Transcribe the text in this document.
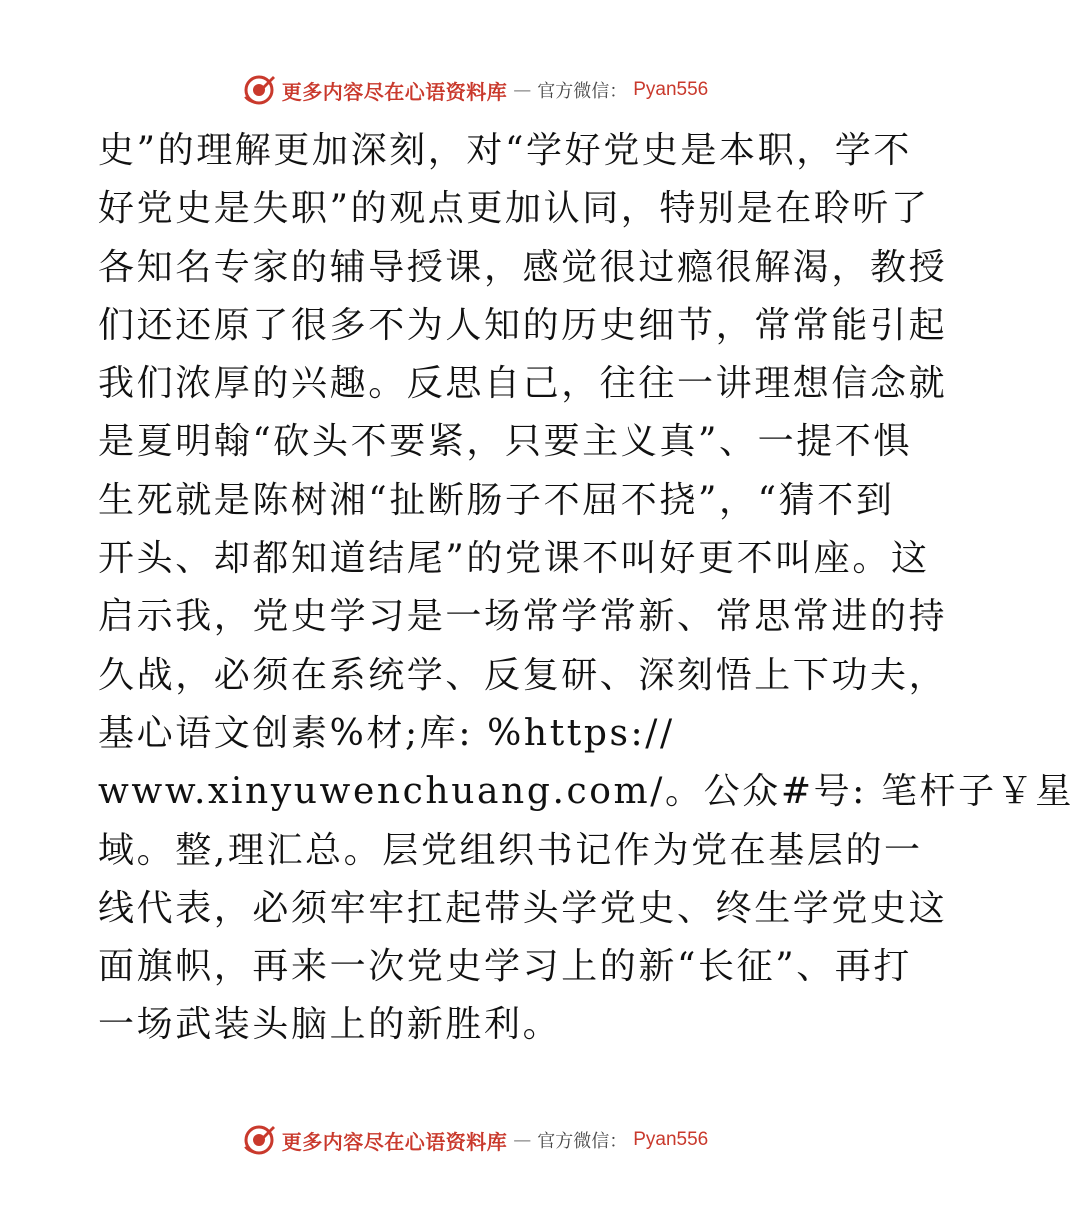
更多内容尽在心语资料库 — 官方微信： Pyan556
史”的理解更加深刻，对“学好党史是本职，学不
好党史是失职”的观点更加认同，特别是在聆听了
各知名专家的辅导授课，感觉很过瘾很解渴，教授
们还还原了很多不为人知的历史细节，常常能引起
我们浓厚的兴趣。反思自己，往往一讲理想信念就
是夏明翰“砍头不要紧，只要主义真”、一提不惧
生死就是陈树湘“扯断肠子不屈不挠”，“猜不到
开头、却都知道结尾”的党课不叫好更不叫座。这
启示我，党史学习是一场常学常新、常思常进的持
久战，必须在系统学、反复研、深刻悟上下功夫，
基心语文创素%材;库: %https://
www.xinyuwenchuang.com/。公众#号: 笔杆子￥星
域。整,理汇总。层党组织书记作为党在基层的一
线代表，必须牢牢扛起带头学党史、终生学党史这
面旗帜，再来一次党史学习上的新“长征”、再打
一场武装头脑上的新胜利。
更多内容尽在心语资料库 — 官方微信： Pyan556
